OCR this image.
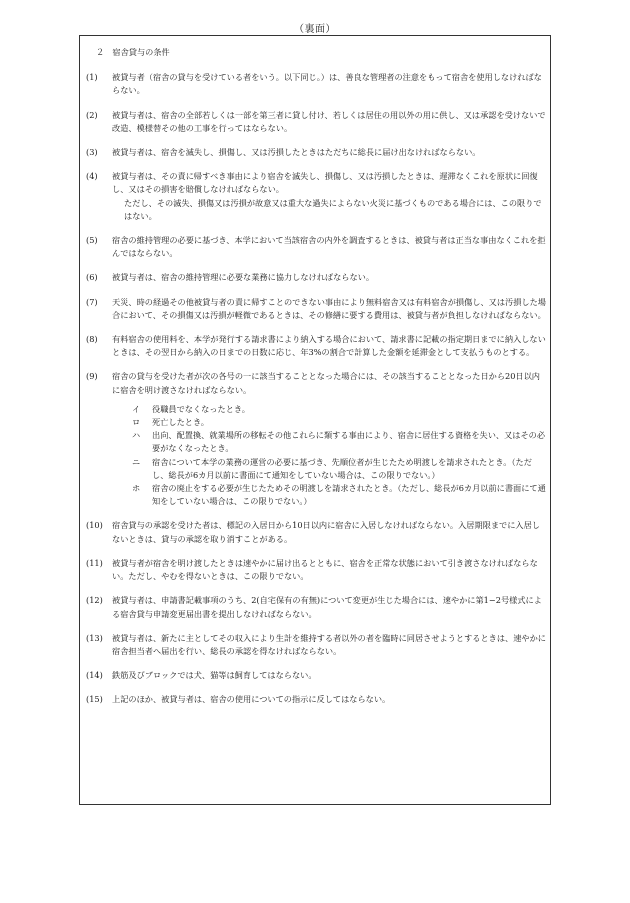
（裏面）

２　宿舎貸与の条件

(1)	被貸与者（宿舎の貸与を受けている者をいう。以下同じ。）は、善良な管理者の注意をもって宿舎を使用しなければならない。
(2)	被貸与者は、宿舎の全部若しくは一部を第三者に貸し付け、若しくは居住の用以外の用に供し、又は承認を受けないで改造、模様替その他の工事を行ってはならない。
(3)	被貸与者は、宿舎を滅失し、損傷し、又は汚損したときはただちに総長に届け出なければならない。
(4)	被貸与者は、その責に帰すべき事由により宿舎を滅失し、損傷し、又は汚損したときは、遅滞なくこれを原状に回復し、又はその損害を賠償しなければならない。
ただし、その滅失、損傷又は汚損が故意又は重大な過失によらない火災に基づくものである場合には、この限りではない。
(5)	宿舎の維持管理の必要に基づき、本学において当該宿舎の内外を調査するときは、被貸与者は正当な事由なくこれを拒んではならない。
(6)	被貸与者は、宿舎の維持管理に必要な業務に協力しなければならない。
(7)	天災、時の経過その他被貸与者の責に帰すことのできない事由により無料宿舎又は有料宿舎が損傷し、又は汚損した場合において、その損傷又は汚損が軽微であるときは、その修繕に要する費用は、被貸与者が負担しなければならない。
(8)	有料宿舎の使用料を、本学が発行する請求書により納入する場合において、請求書に記載の指定期日までに納入しないときは、その翌日から納入の日までの日数に応じ、年3%の割合で計算した金額を延滞金として支払うものとする。
(9)	宿舎の貸与を受けた者が次の各号の一に該当することとなった場合には、その該当することとなった日から20日以内に宿舎を明け渡さなければならない。
イ 役職員でなくなったとき。
ロ 死亡したとき。
ハ 出向、配置換、就業場所の移転その他これらに類する事由により、宿舎に居住する資格を失い、又はその必要がなくなったとき。
ニ 宿舎について本学の業務の運営の必要に基づき、先順位者が生じたため明渡しを請求されたとき。（ただし、総長が6カ月以前に書面にて通知をしていない場合は、この限りでない。）
ホ 宿舎の廃止をする必要が生じたためその明渡しを請求されたとき。（ただし、総長が6カ月以前に書面にて通知をしていない場合は、この限りでない。）
(10)	宿舎貸与の承認を受けた者は、標記の入居日から10日以内に宿舎に入居しなければならない。入居期限までに入居しないときは、貸与の承認を取り消すことがある。
(11)	被貸与者が宿舎を明け渡したときは速やかに届け出るとともに、宿舎を正常な状態において引き渡さなければならない。ただし、やむを得ないときは、この限りでない。
(12)	被貸与者は、申請書記載事項のうち、2(自宅保有の有無)について変更が生じた場合には、速やかに第1−2号様式による宿舎貸与申請変更届出書を提出しなければならない。
(13)	被貸与者は、新たに主としてその収入により生計を維持する者以外の者を臨時に同居させようとするときは、速やかに宿舎担当者へ届出を行い、総長の承認を得なければならない。
(14)	鉄筋及びブロックでは犬、猫等は飼育してはならない。
(15)	上記のほか、被貸与者は、宿舎の使用についての指示に反してはならない。
